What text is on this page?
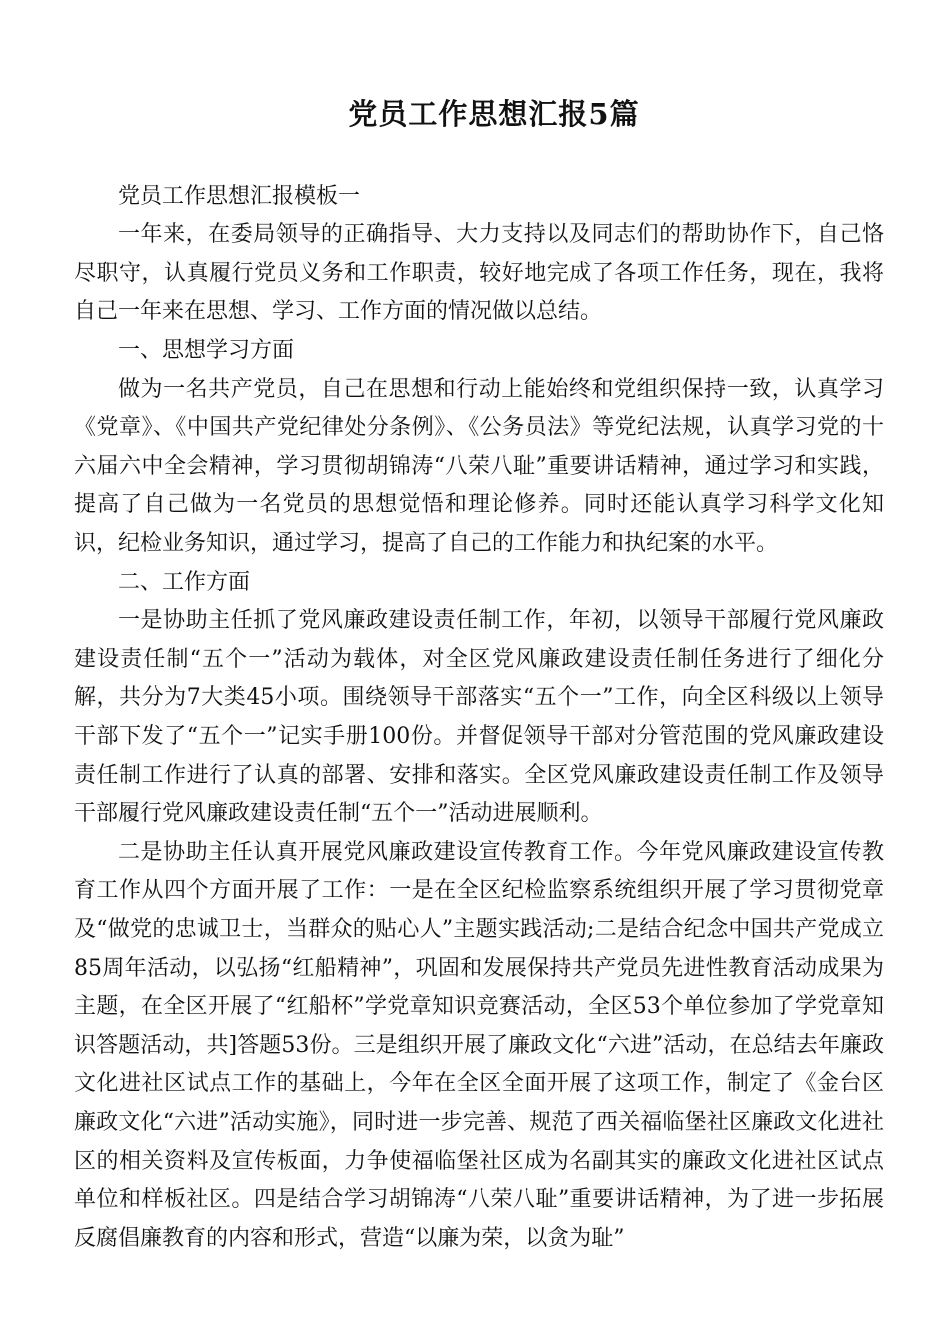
党员工作思想汇报5篇

党员工作思想汇报模板一

一年来，在委局领导的正确指导、大力支持以及同志们的帮助协作下，自己恪尽职守，认真履行党员义务和工作职责，较好地完成了各项工作任务，现在，我将自己一年来在思想、学习、工作方面的情况做以总结。

一、思想学习方面

做为一名共产党员，自己在思想和行动上能始终和党组织保持一致，认真学习《党章》、《中国共产党纪律处分条例》、《公务员法》等党纪法规，认真学习党的十六届六中全会精神，学习贯彻胡锦涛“八荣八耻”重要讲话精神，通过学习和实践，提高了自己做为一名党员的思想觉悟和理论修养。同时还能认真学习科学文化知识，纪检业务知识，通过学习，提高了自己的工作能力和执纪案的水平。

二、工作方面

一是协助主任抓了党风廉政建设责任制工作，年初，以领导干部履行党风廉政建设责任制“五个一”活动为载体，对全区党风廉政建设责任制任务进行了细化分解，共分为7大类45小项。围绕领导干部落实“五个一”工作，向全区科级以上领导干部下发了“五个一”记实手册100份。并督促领导干部对分管范围的党风廉政建设责任制工作进行了认真的部署、安排和落实。全区党风廉政建设责任制工作及领导干部履行党风廉政建设责任制“五个一”活动进展顺利。

二是协助主任认真开展党风廉政建设宣传教育工作。今年党风廉政建设宣传教育工作从四个方面开展了工作：一是在全区纪检监察系统组织开展了学习贯彻党章及“做党的忠诚卫士，当群众的贴心人”主题实践活动;二是结合纪念中国共产党成立85周年活动，以弘扬“红船精神”，巩固和发展保持共产党员先进性教育活动成果为主题，在全区开展了“红船杯”学党章知识竞赛活动，全区53个单位参加了学党章知识答题活动，共]答题53份。三是组织开展了廉政文化“六进”活动，在总结去年廉政文化进社区试点工作的基础上，今年在全区全面开展了这项工作，制定了《金台区廉政文化“六进”活动实施》，同时进一步完善、规范了西关福临堡社区廉政文化进社区的相关资料及宣传板面，力争使福临堡社区成为名副其实的廉政文化进社区试点单位和样板社区。四是结合学习胡锦涛“八荣八耻”重要讲话精神，为了进一步拓展反腐倡廉教育的内容和形式，营造“以廉为荣，以贪为耻”
